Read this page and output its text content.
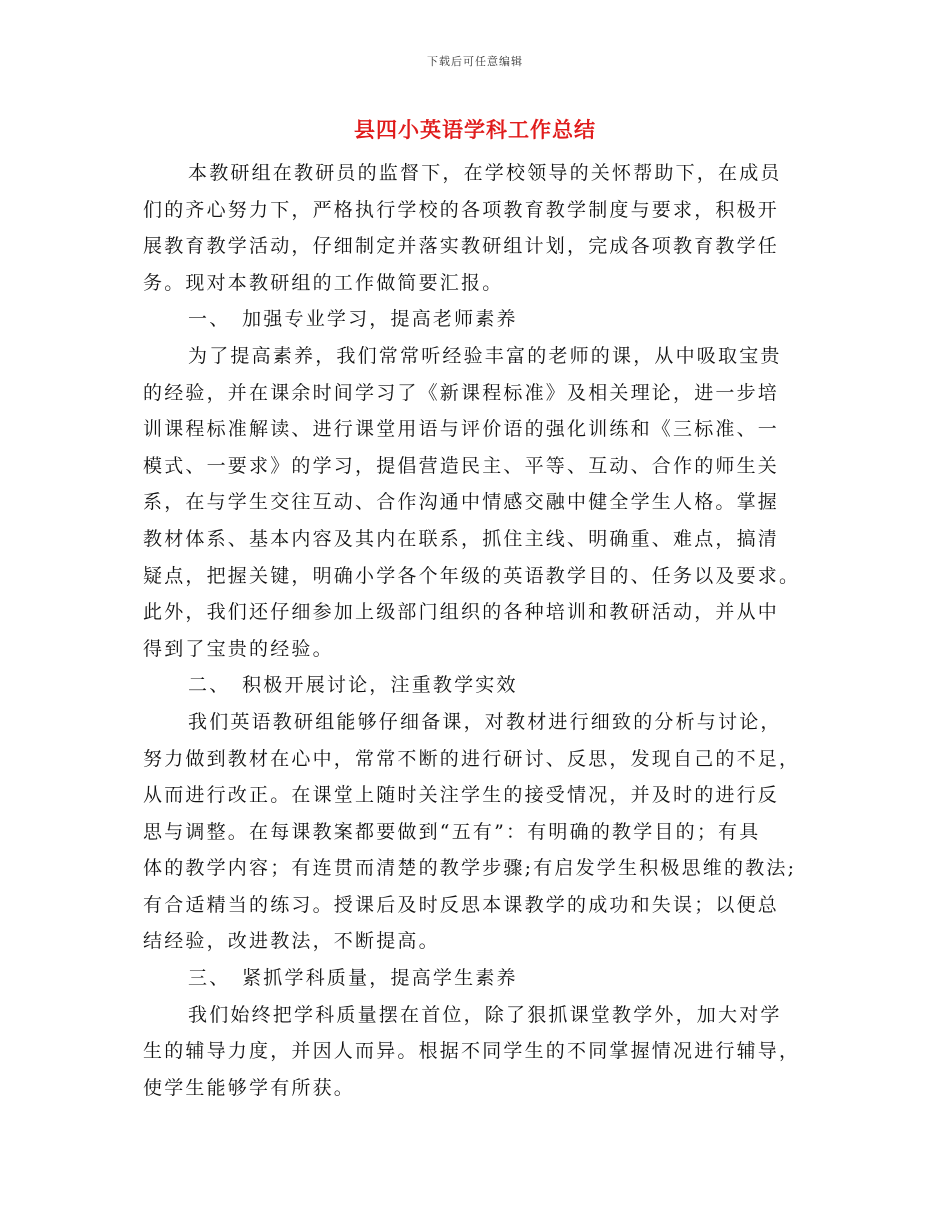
下载后可任意编辑
县四小英语学科工作总结
本教研组在教研员的监督下，在学校领导的关怀帮助下，在成员
们的齐心努力下，严格执行学校的各项教育教学制度与要求，积极开
展教育教学活动，仔细制定并落实教研组计划，完成各项教育教学任
务。现对本教研组的工作做简要汇报。
一、　加强专业学习，提高老师素养
为了提高素养，我们常常听经验丰富的老师的课，从中吸取宝贵
的经验，并在课余时间学习了《新课程标准》及相关理论，进一步培
训课程标准解读、进行课堂用语与评价语的强化训练和《三标准、一
模式、一要求》的学习，提倡营造民主、平等、互动、合作的师生关
系，在与学生交往互动、合作沟通中情感交融中健全学生人格。掌握
教材体系、基本内容及其内在联系，抓住主线、明确重、难点，搞清
疑点，把握关键，明确小学各个年级的英语教学目的、任务以及要求。
此外，我们还仔细参加上级部门组织的各种培训和教研活动，并从中
得到了宝贵的经验。
二、　积极开展讨论，注重教学实效
我们英语教研组能够仔细备课，对教材进行细致的分析与讨论，
努力做到教材在心中，常常不断的进行研讨、反思，发现自己的不足，
从而进行改正。在课堂上随时关注学生的接受情况，并及时的进行反
思与调整。在每课教案都要做到“五有”：有明确的教学目的；有具
体的教学内容；有连贯而清楚的教学步骤;有启发学生积极思维的教法;
有合适精当的练习。授课后及时反思本课教学的成功和失误；以便总
结经验，改进教法，不断提高。
三、　紧抓学科质量，提高学生素养
我们始终把学科质量摆在首位，除了狠抓课堂教学外，加大对学
生的辅导力度，并因人而异。根据不同学生的不同掌握情况进行辅导，
使学生能够学有所获。
